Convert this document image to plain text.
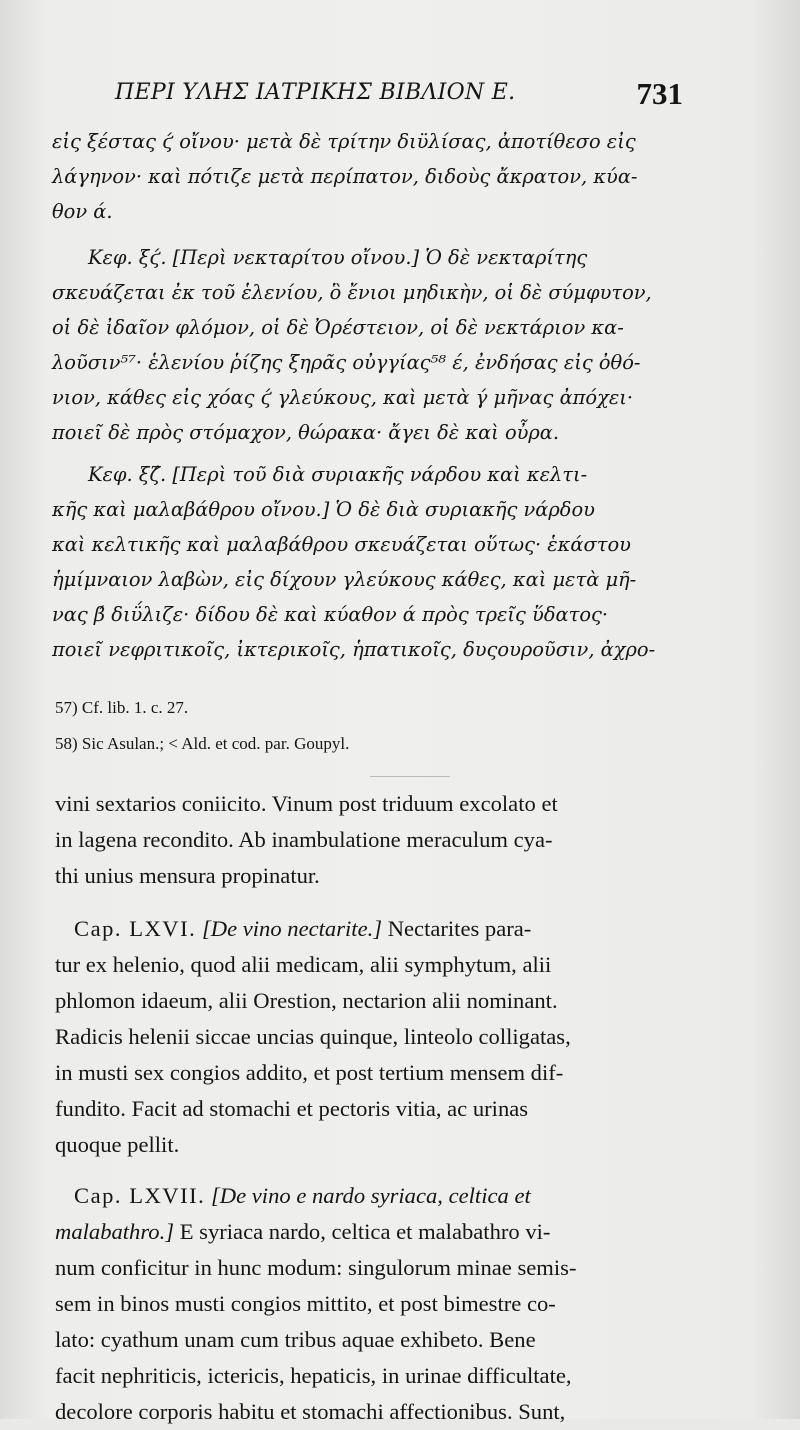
ΠΕΡΙ ΥΛΗΣ ΙΑΤΡΙΚΗΣ ΒΙΒΛΙΟΝ Ε.	731
εἰς ξέστας ϛ́ οἴνου· μετὰ δὲ τρίτην διϋλίσας, ἀποτίθεσο εἰς
λάγηνον· καὶ πότιζε μετὰ περίπατον, διδοὺς ἄκρατον, κύα-
θον ά.
Κεφ. ξϛ́. [Περὶ νεκταρίτου οἴνου.] Ὁ δὲ νεκταρίτης
σκευάζεται ἐκ τοῦ ἑλενίου, ὃ ἔνιοι μηδικὴν, οἱ δὲ σύμφυτον,
οἱ δὲ ἰδαῖον φλόμον, οἱ δὲ Ὀρέστειον, οἱ δὲ νεκτάριον κα-
λοῦσιν⁵⁷· ἑλενίου ῥίζης ξηρᾶς οὐγγίας⁵⁸ έ, ἐνδήσας εἰς ὀθό-
νιον, κάθες εἰς χόας ϛ́ γλεύκους, καὶ μετὰ γ́ μῆνας ἀπόχει·
ποιεῖ δὲ πρὸς στόμαχον, θώρακα· ἄγει δὲ καὶ οὖρα.
Κεφ. ξζ́. [Περὶ τοῦ διὰ συριακῆς νάρδου καὶ κελτι-
κῆς καὶ μαλαβάθρου οἴνου.] Ὁ δὲ διὰ συριακῆς νάρδου
καὶ κελτικῆς καὶ μαλαβάθρου σκευάζεται οὕτως· ἑκάστου
ἡμίμναιον λαβὼν, εἰς δίχουν γλεύκους κάθες, καὶ μετὰ μῆ-
νας β́ διΰλιζε· δίδου δὲ καὶ κύαθον ά πρὸς τρεῖς ὕδατος·
ποιεῖ νεφριτικοῖς, ἰκτερικοῖς, ἡπατικοῖς, δυςουροῦσιν, ἀχρο-
57) Cf. lib. 1. c. 27.
58) Sic Asulan.; < Ald. et cod. par. Goupyl.
vini sextarios coniicito. Vinum post triduum excolato et
in lagena recondito. Ab inambulatione meraculum cya-
thi unius mensura propinatur.
Cap. LXVI. [De vino nectarite.] Nectarites para-
tur ex helenio, quod alii medicam, alii symphytum, alii
phlomon idaeum, alii Orestion, nectarion alii nominant.
Radicis helenii siccae uncias quinque, linteolo colligatas,
in musti sex congios addito, et post tertium mensem dif-
fundito. Facit ad stomachi et pectoris vitia, ac urinas
quoque pellit.
Cap. LXVII. [De vino e nardo syriaca, celtica et
malabathro.] E syriaca nardo, celtica et malabathro vi-
num conficitur in hunc modum: singulorum minae semis-
sem in binos musti congios mittito, et post bimestre co-
lato: cyathum unam cum tribus aquae exhibeto. Bene
facit nephriticis, ictericis, hepaticis, in urinae difficultate,
decolore corporis habitu et stomachi affectionibus. Sunt,
